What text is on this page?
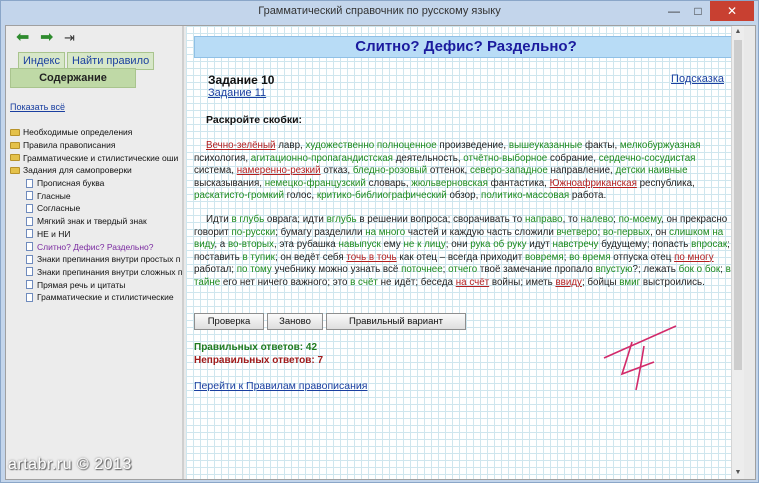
Грамматический справочник по русскому языку	—	□	✕
⬅ ➡ ⇥
Индекс	Найти правило
Содержание
Показать всё
Необходимые определения
Правила правописания
Грамматические и стилистические оши
Задания для самопроверки
Прописная буква
Гласные
Согласные
Мягкий знак и твердый знак
НЕ и НИ
Слитно? Дефис? Раздельно?
Знаки препинания внутри простых п
Знаки препинания внутри сложных п
Прямая речь и цитаты
Грамматические и стилистические
artabr.ru © 2013
Слитно? Дефис? Раздельно?
Задание 10
Задание 11
Подсказка
Раскройте скобки:
Вечно-зелёный лавр, художественно полноценное произведение, вышеуказанные факты, мелкобуржуазная психология, агитационно-пропагандистская деятельность, отчётно-выборное собрание, сердечно-сосудистая система, намеренно-резкий отказ, бледно-розовый оттенок, северо-западное направление, детски наивные высказывания, немецко-французский словарь, жюльверновская фантастика, Южноафриканская республика, раскатисто-громкий голос, критико-библиографический обзор, политико-массовая работа.
Идти в глубь оврага; идти вглубь в решении вопроса; сворачивать то направо, то налево; по-моему, он прекрасно говорит по-русски; бумагу разделили на много частей и каждую часть сложили вчетверо; во-первых, он слишком на виду, а во-вторых, эта рубашка навыпуск ему не к лицу; они рука об руку идут навстречу будущему; попасть впросак; поставить в тупик; он ведёт себя точь в точь как отец – всегда приходит вовремя; во время отпуска отец по многу работал; по тому учебнику можно узнать всё поточнее; отчего твоё замечание пропало впустую?; лежать бок о бок; в тайне его нет ничего важного; это в счёт не идёт; беседа на счёт войны; иметь ввиду; бойцы вмиг выстроились.
Проверка	Заново	Правильный вариант
Правильных ответов: 42
Неправильных ответов: 7
Перейти к Правилам правописания
▲
▼
